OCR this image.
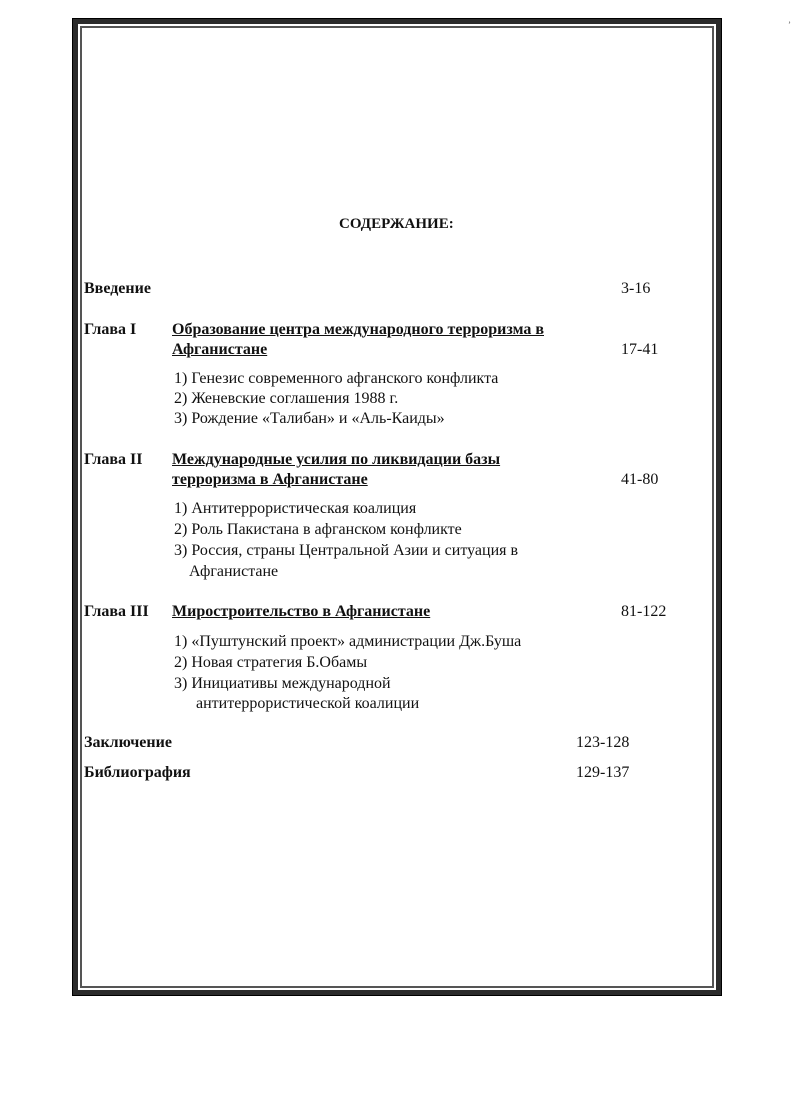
’
СОДЕРЖАНИЕ:
Введение	3-16
Глава I Образование центра международного терроризма в
Афганистане	17-41
1) Генезис современного афганского конфликта
2) Женевские соглашения 1988 г.
3) Рождение «Талибан» и «Аль-Каиды»
Глава II Международные усилия по ликвидации базы
терроризма в Афганистане	41-80
1) Антитеррористическая коалиция
2) Роль Пакистана в афганском конфликте
3) Россия, страны Центральной Азии и ситуация в
Афганистане
Глава III Миростроительство в Афганистане	81-122
1) «Пуштунский проект» администрации Дж.Буша
2) Новая стратегия Б.Обамы
3) Инициативы международной
антитеррористической коалиции
Заключение	123-128
Библиография	129-137
